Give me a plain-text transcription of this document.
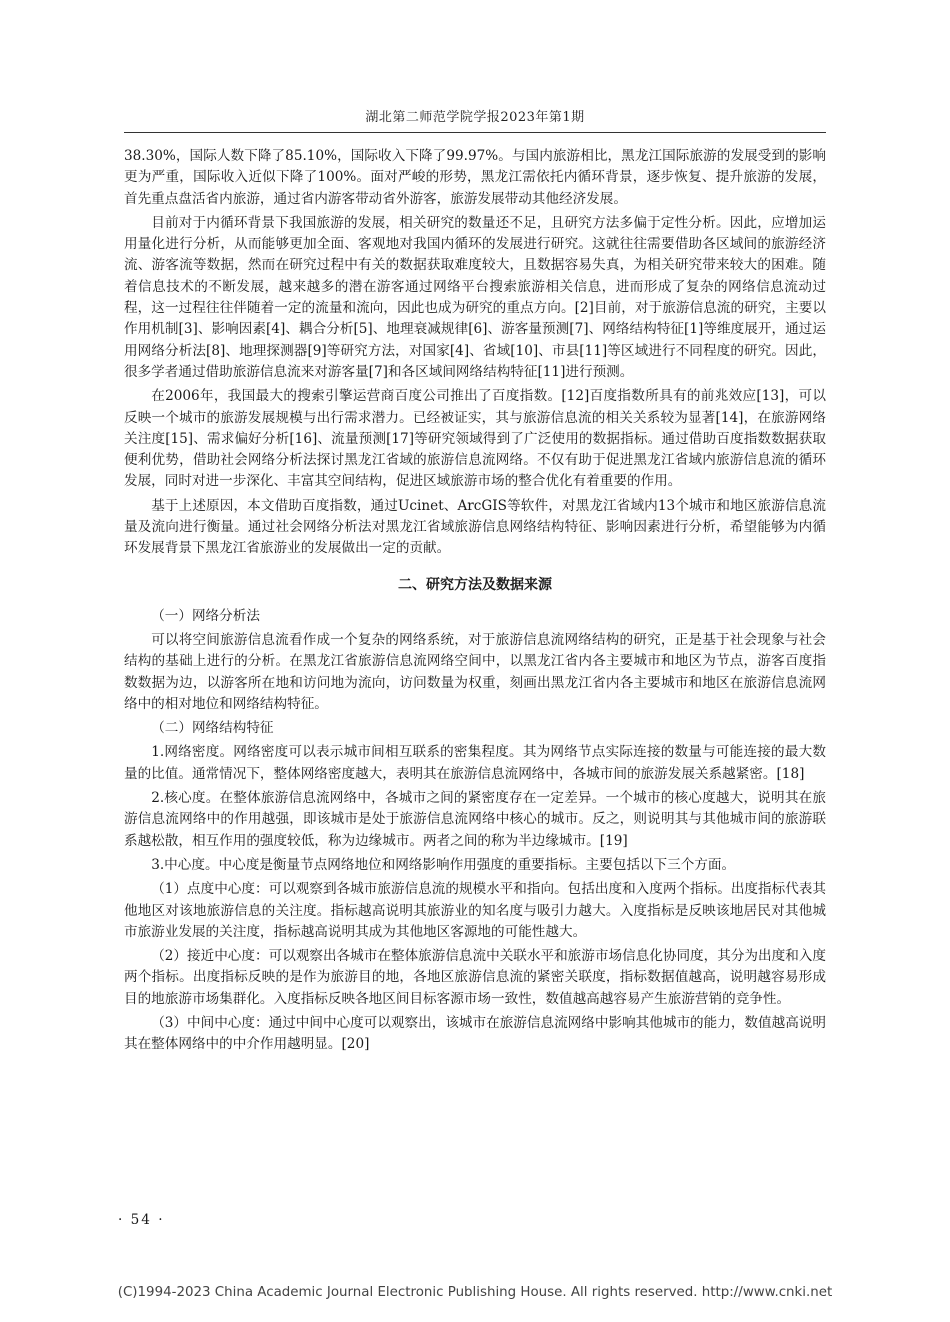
湖北第二师范学院学报2023年第1期

38.30%，国际人数下降了85.10%，国际收入下降了99.97%。与国内旅游相比，黑龙江国际旅游的发展受到的影响更为严重，国际收入近似下降了100%。面对严峻的形势，黑龙江需依托内循环背景，逐步恢复、提升旅游的发展，首先重点盘活省内旅游，通过省内游客带动省外游客，旅游发展带动其他经济发展。

目前对于内循环背景下我国旅游的发展，相关研究的数量还不足，且研究方法多偏于定性分析。因此，应增加运用量化进行分析，从而能够更加全面、客观地对我国内循环的发展进行研究。这就往往需要借助各区域间的旅游经济流、游客流等数据，然而在研究过程中有关的数据获取难度较大，且数据容易失真，为相关研究带来较大的困难。随着信息技术的不断发展，越来越多的潜在游客通过网络平台搜索旅游相关信息，进而形成了复杂的网络信息流动过程，这一过程往往伴随着一定的流量和流向，因此也成为研究的重点方向。[2]目前，对于旅游信息流的研究，主要以作用机制[3]、影响因素[4]、耦合分析[5]、地理衰减规律[6]、游客量预测[7]、网络结构特征[1]等维度展开，通过运用网络分析法[8]、地理探测器[9]等研究方法，对国家[4]、省域[10]、市县[11]等区域进行不同程度的研究。因此，很多学者通过借助旅游信息流来对游客量[7]和各区域间网络结构特征[11]进行预测。

在2006年，我国最大的搜索引擎运营商百度公司推出了百度指数。[12]百度指数所具有的前兆效应[13]，可以反映一个城市的旅游发展规模与出行需求潜力。已经被证实，其与旅游信息流的相关关系较为显著[14]，在旅游网络关注度[15]、需求偏好分析[16]、流量预测[17]等研究领域得到了广泛使用的数据指标。通过借助百度指数数据获取便利优势，借助社会网络分析法探讨黑龙江省域的旅游信息流网络。不仅有助于促进黑龙江省域内旅游信息流的循环发展，同时对进一步深化、丰富其空间结构，促进区域旅游市场的整合优化有着重要的作用。

基于上述原因，本文借助百度指数，通过Ucinet、ArcGIS等软件，对黑龙江省域内13个城市和地区旅游信息流量及流向进行衡量。通过社会网络分析法对黑龙江省域旅游信息网络结构特征、影响因素进行分析，希望能够为内循环发展背景下黑龙江省旅游业的发展做出一定的贡献。

二、研究方法及数据来源

（一）网络分析法

可以将空间旅游信息流看作成一个复杂的网络系统，对于旅游信息流网络结构的研究，正是基于社会现象与社会结构的基础上进行的分析。在黑龙江省旅游信息流网络空间中，以黑龙江省内各主要城市和地区为节点，游客百度指数数据为边，以游客所在地和访问地为流向，访问数量为权重，刻画出黑龙江省内各主要城市和地区在旅游信息流网络中的相对地位和网络结构特征。

（二）网络结构特征

1.网络密度。网络密度可以表示城市间相互联系的密集程度。其为网络节点实际连接的数量与可能连接的最大数量的比值。通常情况下，整体网络密度越大，表明其在旅游信息流网络中，各城市间的旅游发展关系越紧密。[18]

2.核心度。在整体旅游信息流网络中，各城市之间的紧密度存在一定差异。一个城市的核心度越大，说明其在旅游信息流网络中的作用越强，即该城市是处于旅游信息流网络中核心的城市。反之，则说明其与其他城市间的旅游联系越松散，相互作用的强度较低，称为边缘城市。两者之间的称为半边缘城市。[19]

3.中心度。中心度是衡量节点网络地位和网络影响作用强度的重要指标。主要包括以下三个方面。

（1）点度中心度：可以观察到各城市旅游信息流的规模水平和指向。包括出度和入度两个指标。出度指标代表其他地区对该地旅游信息的关注度。指标越高说明其旅游业的知名度与吸引力越大。入度指标是反映该地居民对其他城市旅游业发展的关注度，指标越高说明其成为其他地区客源地的可能性越大。

（2）接近中心度：可以观察出各城市在整体旅游信息流中关联水平和旅游市场信息化协同度，其分为出度和入度两个指标。出度指标反映的是作为旅游目的地，各地区旅游信息流的紧密关联度，指标数据值越高，说明越容易形成目的地旅游市场集群化。入度指标反映各地区间目标客源市场一致性，数值越高越容易产生旅游营销的竞争性。

（3）中间中心度：通过中间中心度可以观察出，该城市在旅游信息流网络中影响其他城市的能力，数值越高说明其在整体网络中的中介作用越明显。[20]

· 54 ·
(C)1994-2023 China Academic Journal Electronic Publishing House. All rights reserved. http://www.cnki.net
